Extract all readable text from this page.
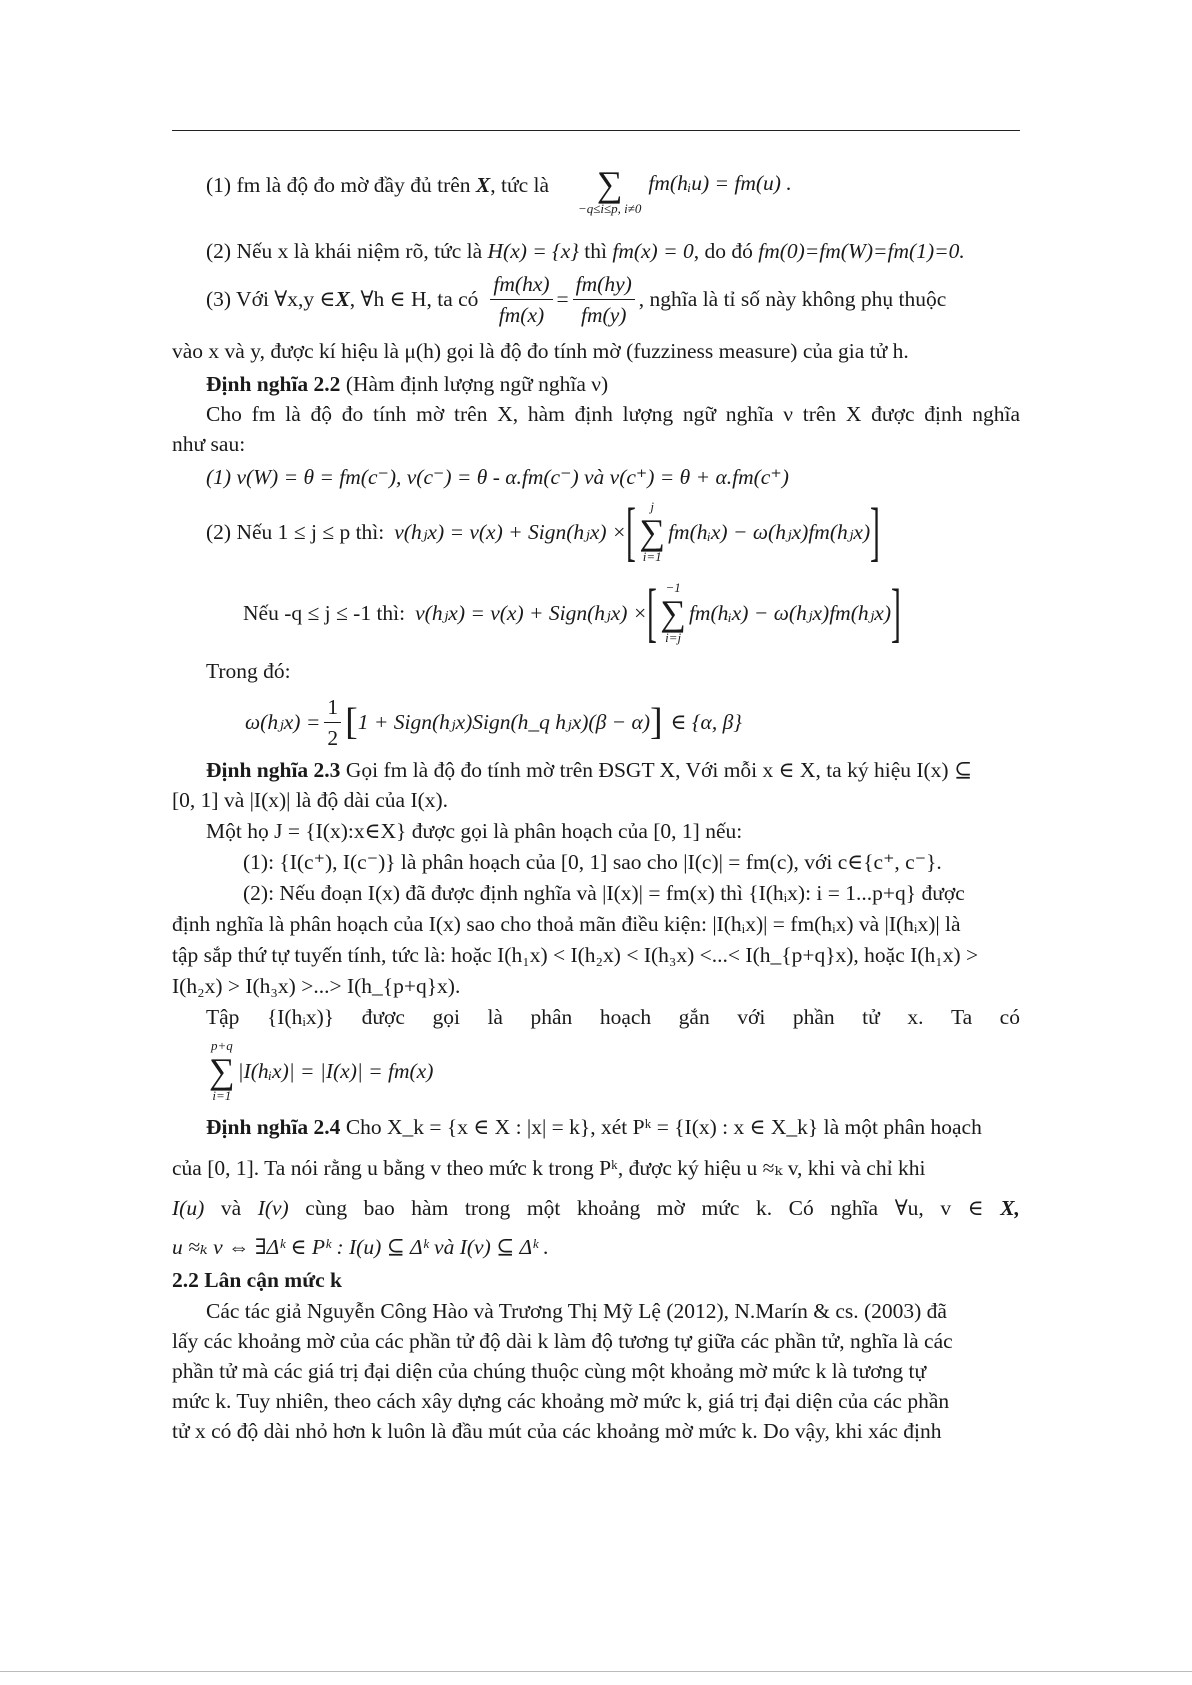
(1) fm là độ đo mờ đầy đủ trên X, tức là	∑
−q≤i≤p, i≠0
fm(hᵢu) = fm(u) .
(2) Nếu x là khái niệm rõ, tức là H(x) = {x} thì fm(x) = 0, do đó fm(0)=fm(W)=fm(1)=0.
(3) Với ∀x,y ∈ X , ∀h ∈ H, ta có $\frac{fm(hx)}{fm(x)} = \frac{fm(hy)}{fm(y)}$ , nghĩa là tỉ số này không phụ thuộc
vào x và y, được kí hiệu là μ(h) gọi là độ đo tính mờ (fuzziness measure) của gia tử h.
Định nghĩa 2.2 (Hàm định lượng ngữ nghĩa ν)
Cho fm là độ đo tính mờ trên X, hàm định lượng ngữ nghĩa ν trên X được định nghĩa
như sau:
(1) ν(W) = θ = fm(c⁻), ν(c⁻) = θ - α.fm(c⁻) và ν(c⁺) = θ + α.fm(c⁺)
(2) Nếu 1 ≤ j ≤ p thì: ν(hⱼx) = ν(x) + Sign(hⱼx) × [	j
∑
i=1
fm(hᵢx) − ω(hⱼx)fm(hⱼx) ]
Nếu -q ≤ j ≤ -1 thì: ν(hⱼx) = ν(x) + Sign(hⱼx) × [ −1
∑
i=j
fm(hᵢx) − ω(hⱼx)fm(hⱼx) ]
Trong đó:
ω(hⱼx) = $\frac{1}{2}$ [ 1 + Sign(hⱼx)Sign(h_q hⱼx)(β − α) ] ∈ {α, β}
Định nghĩa 2.3 Gọi fm là độ đo tính mờ trên ĐSGT X, Với mỗi x ∈ X, ta ký hiệu I(x) ⊆
[0, 1] và |I(x)| là độ dài của I(x).
Một họ J = {I(x):x∈X} được gọi là phân hoạch của [0, 1] nếu:
(1): {I(c⁺), I(c⁻)} là phân hoạch của [0, 1] sao cho |I(c)| = fm(c), với c∈{c⁺, c⁻}.
(2): Nếu đoạn I(x) đã được định nghĩa và |I(x)| = fm(x) thì {I(hᵢx): i = 1...p+q} được
định nghĩa là phân hoạch của I(x) sao cho thoả mãn điều kiện: |I(hᵢx)| = fm(hᵢx) và |I(hᵢx)| là
tập sắp thứ tự tuyến tính, tức là: hoặc I(h₁x) < I(h₂x) < I(h₃x) <...< I(h_{p+q}x), hoặc I(h₁x) >
I(h₂x) > I(h₃x) >...> I(h_{p+q}x).
Tập {I(hᵢx)} được gọi là phân hoạch gắn với phần tử x. Ta có
p+q
∑
i=1
|I(hᵢx)| = |I(x)| = fm(x)
Định nghĩa 2.4 Cho X_k = {x ∈ X : |x| = k}, xét Pᵏ = {I(x) : x ∈ X_k} là một phân hoạch
của [0, 1]. Ta nói rằng u bằng v theo mức k trong Pᵏ, được ký hiệu u ≈ₖ v, khi và chỉ khi
I(u) và I(v) cùng bao hàm trong một khoảng mờ mức k. Có nghĩa ∀u, v ∈ X,
u ≈ₖ v ⇔ ∃Δᵏ ∈ Pᵏ : I(u) ⊆ Δᵏ và I(v) ⊆ Δᵏ .
2.2 Lân cận mức k
Các tác giả Nguyễn Công Hào và Trương Thị Mỹ Lệ (2012), N.Marín & cs. (2003) đã
lấy các khoảng mờ của các phần tử độ dài k làm độ tương tự giữa các phần tử, nghĩa là các
phần tử mà các giá trị đại diện của chúng thuộc cùng một khoảng mờ mức k là tương tự
mức k. Tuy nhiên, theo cách xây dựng các khoảng mờ mức k, giá trị đại diện của các phần
tử x có độ dài nhỏ hơn k luôn là đầu mút của các khoảng mờ mức k. Do vậy, khi xác định
